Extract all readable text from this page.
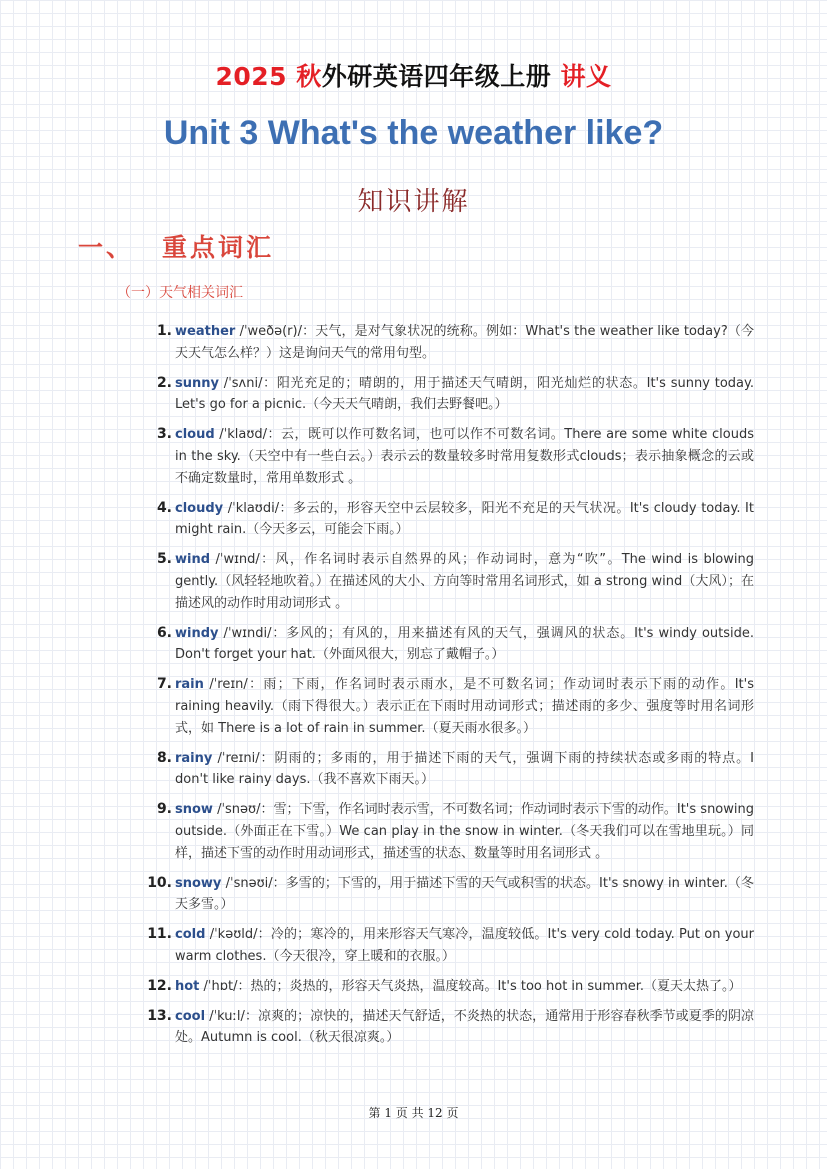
2025 秋外研英语四年级上册 讲义
Unit 3 What's the weather like?
知识讲解
一、 重点词汇
（一）天气相关词汇
1. weather /ˈweðə(r)/：天气，是对气象状况的统称。例如：What's the weather like today?（今天天气怎么样？）这是询问天气的常用句型。
2. sunny /ˈsʌni/：阳光充足的；晴朗的，用于描述天气晴朗，阳光灿烂的状态。It's sunny today. Let's go for a picnic.（今天天气晴朗，我们去野餐吧。）
3. cloud /ˈklaʊd/：云，既可以作可数名词，也可以作不可数名词。There are some white clouds in the sky.（天空中有一些白云。）表示云的数量较多时常用复数形式clouds；表示抽象概念的云或不确定数量时，常用单数形式 。
4. cloudy /ˈklaʊdi/：多云的，形容天空中云层较多，阳光不充足的天气状况。It's cloudy today. It might rain.（今天多云，可能会下雨。）
5. wind /ˈwɪnd/：风，作名词时表示自然界的风；作动词时，意为“吹”。The wind is blowing gently.（风轻轻地吹着。）在描述风的大小、方向等时常用名词形式，如 a strong wind（大风）；在描述风的动作时用动词形式 。
6. windy /ˈwɪndi/：多风的；有风的，用来描述有风的天气，强调风的状态。It's windy outside. Don't forget your hat.（外面风很大，别忘了戴帽子。）
7. rain /ˈreɪn/：雨；下雨，作名词时表示雨水，是不可数名词；作动词时表示下雨的动作。It's raining heavily.（雨下得很大。）表示正在下雨时用动词形式；描述雨的多少、强度等时用名词形式，如 There is a lot of rain in summer.（夏天雨水很多。）
8. rainy /ˈreɪni/：阴雨的；多雨的，用于描述下雨的天气，强调下雨的持续状态或多雨的特点。I don't like rainy days.（我不喜欢下雨天。）
9. snow /ˈsnəʊ/：雪；下雪，作名词时表示雪，不可数名词；作动词时表示下雪的动作。It's snowing outside.（外面正在下雪。）We can play in the snow in winter.（冬天我们可以在雪地里玩。）同样，描述下雪的动作时用动词形式，描述雪的状态、数量等时用名词形式 。
10. snowy /ˈsnəʊi/：多雪的；下雪的，用于描述下雪的天气或积雪的状态。It's snowy in winter.（冬天多雪。）
11. cold /ˈkəʊld/：冷的；寒冷的，用来形容天气寒冷，温度较低。It's very cold today. Put on your warm clothes.（今天很冷，穿上暖和的衣服。）
12. hot /ˈhɒt/：热的；炎热的，形容天气炎热，温度较高。It's too hot in summer.（夏天太热了。）
13. cool /ˈkuːl/：凉爽的；凉快的，描述天气舒适，不炎热的状态，通常用于形容春秋季节或夏季的阴凉处。Autumn is cool.（秋天很凉爽。）
第 1 页 共 12 页
